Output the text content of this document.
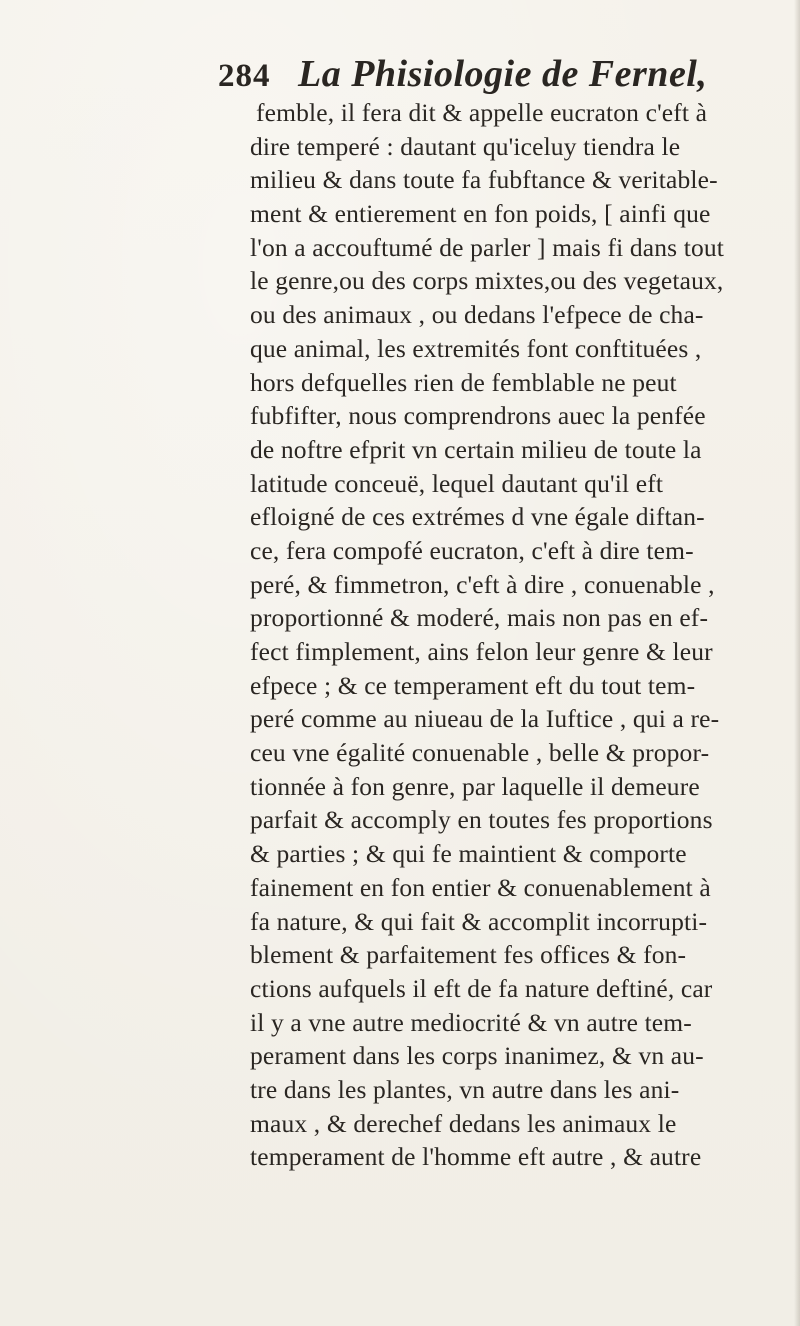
284 La Phisiologie de Fernel,
femble, il fera dit & appelle eucraton c'eft à
dire temperé : dautant qu'iceluy tiendra le
milieu & dans toute fa fubftance & veritable-
ment & entierement en fon poids, [ ainfi que
l'on a accouftumé de parler ] mais fi dans tout
le genre,ou des corps mixtes,ou des vegetaux,
ou des animaux , ou dedans l'efpece de cha-
que animal, les extremités font conftituées ,
hors defquelles rien de femblable ne peut
fubfifter, nous comprendrons auec la penfée
de noftre efprit vn certain milieu de toute la
latitude conceuë, lequel dautant qu'il eft
efloigné de ces extrémes d vne égale diftan-
ce, fera compofé eucraton, c'eft à dire tem-
peré, & fimmetron, c'eft à dire , conuenable ,
proportionné & moderé, mais non pas en ef-
fect fimplement, ains felon leur genre & leur
efpece ; & ce temperament eft du tout tem-
peré comme au niueau de la Iuftice , qui a re-
ceu vne égalité conuenable , belle & propor-
tionnée à fon genre, par laquelle il demeure
parfait & accomply en toutes fes proportions
& parties ; & qui fe maintient & comporte
fainement en fon entier & conuenablement à
fa nature, & qui fait & accomplit incorrupti-
blement & parfaitement fes offices & fon-
ctions aufquels il eft de fa nature deftiné, car
il y a vne autre mediocrité & vn autre tem-
perament dans les corps inanimez, & vn au-
tre dans les plantes, vn autre dans les ani-
maux , & derechef dedans les animaux le
temperament de l'homme eft autre , & autre
